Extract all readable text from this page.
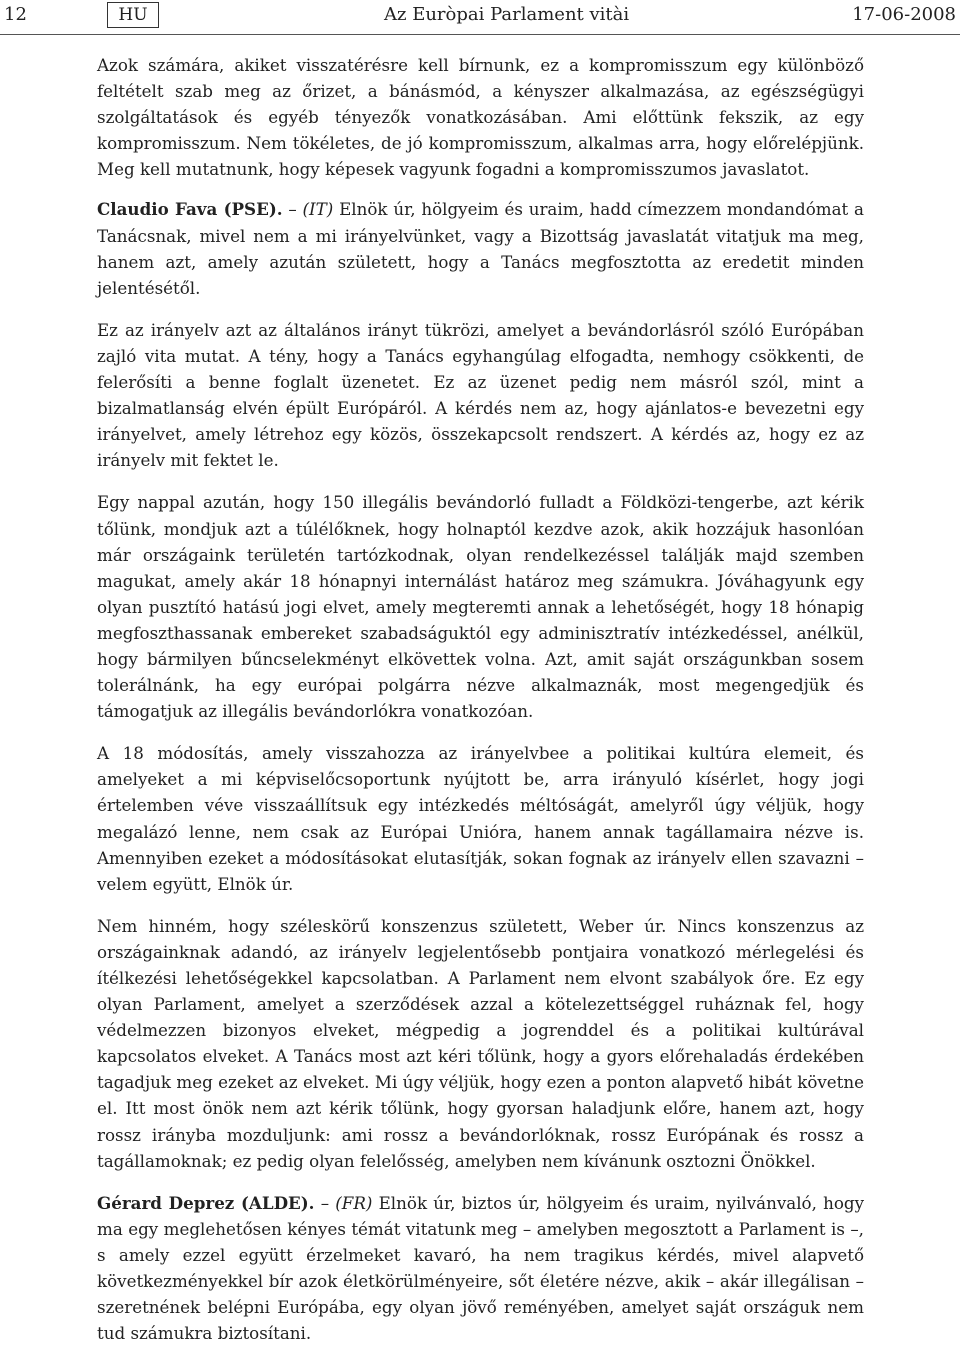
12	HU	Az Euròpai Parlament vitài	17-06-2008

Azok számára, akiket visszatérésre kell bírnunk, ez a kompromisszum egy különböző feltételt szab meg az őrizet, a bánásmód, a kényszer alkalmazása, az egészségügyi szolgáltatások és egyéb tényezők vonatkozásában. Ami előttünk fekszik, az egy kompromisszum. Nem tökéletes, de jó kompromisszum, alkalmas arra, hogy előrelépjünk. Meg kell mutatnunk, hogy képesek vagyunk fogadni a kompromisszumos javaslatot.

Claudio Fava (PSE). – (IT) Elnök úr, hölgyeim és uraim, hadd címezzem mondandómat a Tanácsnak, mivel nem a mi irányelvünket, vagy a Bizottság javaslatát vitatjuk ma meg, hanem azt, amely azután született, hogy a Tanács megfosztotta az eredetit minden jelentésétől.

Ez az irányelv azt az általános irányt tükrözi, amelyet a bevándorlásról szóló Európában zajló vita mutat. A tény, hogy a Tanács egyhangúlag elfogadta, nemhogy csökkenti, de felerősíti a benne foglalt üzenetet. Ez az üzenet pedig nem másról szól, mint a bizalmatlanság elvén épült Európáról. A kérdés nem az, hogy ajánlatos-e bevezetni egy irányelvet, amely létrehoz egy közös, összekapcsolt rendszert. A kérdés az, hogy ez az irányelv mit fektet le.

Egy nappal azután, hogy 150 illegális bevándorló fulladt a Földközi-tengerbe, azt kérik tőlünk, mondjuk azt a túlélőknek, hogy holnaptól kezdve azok, akik hozzájuk hasonlóan már országaink területén tartózkodnak, olyan rendelkezéssel találják majd szemben magukat, amely akár 18 hónapnyi internálást határoz meg számukra. Jóváhagyunk egy olyan pusztító hatású jogi elvet, amely megteremti annak a lehetőségét, hogy 18 hónapig megfoszthassanak embereket szabadságuktól egy adminisztratív intézkedéssel, anélkül, hogy bármilyen bűncselekményt elkövettek volna. Azt, amit saját országunkban sosem tolerálnánk, ha egy európai polgárra nézve alkalmaznák, most megengedjük és támogatjuk az illegális bevándorlókra vonatkozóan.

A 18 módosítás, amely visszahozza az irányelvbee a politikai kultúra elemeit, és amelyeket a mi képviselőcsoportunk nyújtott be, arra irányuló kísérlet, hogy jogi értelemben véve visszaállítsuk egy intézkedés méltóságát, amelyről úgy véljük, hogy megalázó lenne, nem csak az Európai Unióra, hanem annak tagállamaira nézve is. Amennyiben ezeket a módosításokat elutasítják, sokan fognak az irányelv ellen szavazni – velem együtt, Elnök úr.

Nem hinném, hogy széleskörű konszenzus született, Weber úr. Nincs konszenzus az országainknak adandó, az irányelv legjelentősebb pontjaira vonatkozó mérlegelési és ítélkezési lehetőségekkel kapcsolatban. A Parlament nem elvont szabályok őre. Ez egy olyan Parlament, amelyet a szerződések azzal a kötelezettséggel ruháznak fel, hogy védelmezzen bizonyos elveket, mégpedig a jogrenddel és a politikai kultúrával kapcsolatos elveket. A Tanács most azt kéri tőlünk, hogy a gyors előrehaladás érdekében tagadjuk meg ezeket az elveket. Mi úgy véljük, hogy ezen a ponton alapvető hibát követne el. Itt most önök nem azt kérik tőlünk, hogy gyorsan haladjunk előre, hanem azt, hogy rossz irányba mozduljunk: ami rossz a bevándorlóknak, rossz Európának és rossz a tagállamoknak; ez pedig olyan felelősség, amelyben nem kívánunk osztozni Önökkel.

Gérard Deprez (ALDE). – (FR) Elnök úr, biztos úr, hölgyeim és uraim, nyilvánvaló, hogy ma egy meglehetősen kényes témát vitatunk meg – amelyben megosztott a Parlament is –, s amely ezzel együtt érzelmeket kavaró, ha nem tragikus kérdés, mivel alapvető következményekkel bír azok életkörülményeire, sőt életére nézve, akik – akár illegálisan – szeretnének belépni Európába, egy olyan jövő reményében, amelyet saját országuk nem tud számukra biztosítani.
